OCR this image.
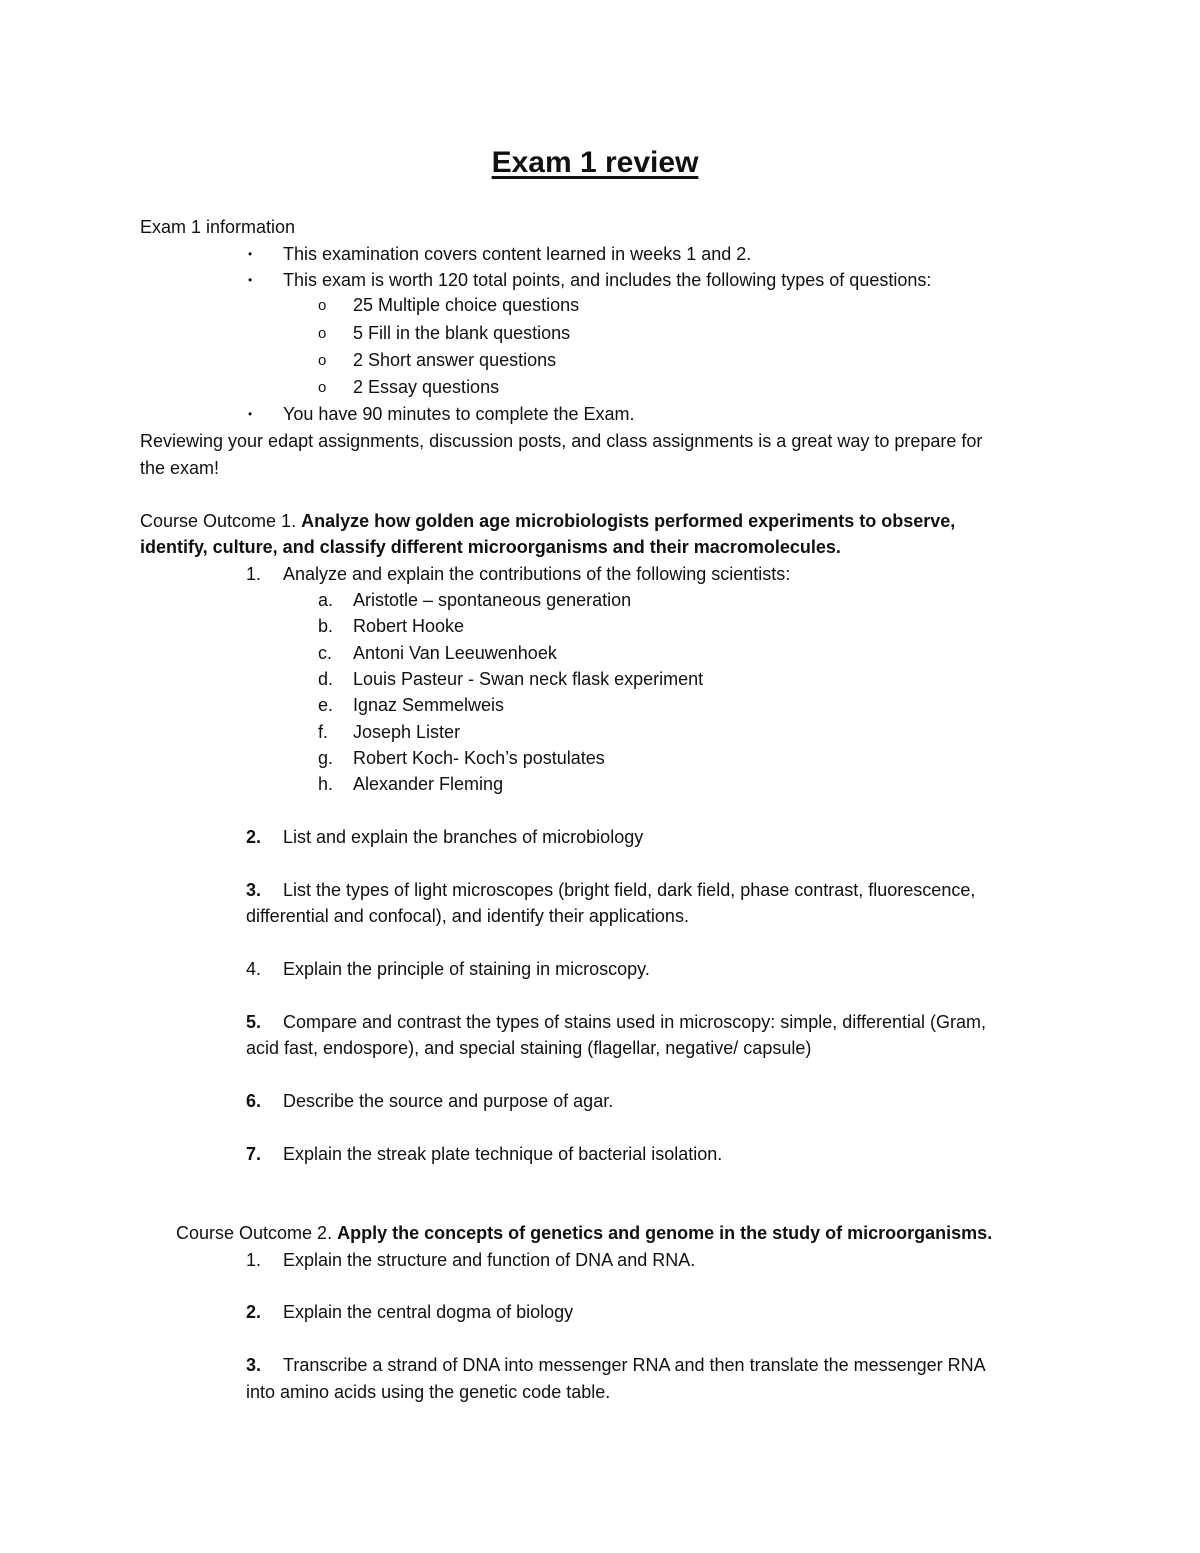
Exam 1 review
Exam 1 information
• This examination covers content learned in weeks 1 and 2.
• This exam is worth 120 total points, and includes the following types of questions:
o 25 Multiple choice questions
o 5 Fill in the blank questions
o 2 Short answer questions
o 2 Essay questions
• You have 90 minutes to complete the Exam.
Reviewing your edapt assignments, discussion posts, and class assignments is a great way to prepare for
the exam!
Course Outcome 1. Analyze how golden age microbiologists performed experiments to observe,
identify, culture, and classify different microorganisms and their macromolecules.
1. Analyze and explain the contributions of the following scientists:
a. Aristotle – spontaneous generation
b. Robert Hooke
c. Antoni Van Leeuwenhoek
d. Louis Pasteur - Swan neck flask experiment
e. Ignaz Semmelweis
f. Joseph Lister
g. Robert Koch- Koch’s postulates
h. Alexander Fleming
2. List and explain the branches of microbiology
3. List the types of light microscopes (bright field, dark field, phase contrast, fluorescence,
differential and confocal), and identify their applications.
4. Explain the principle of staining in microscopy.
5. Compare and contrast the types of stains used in microscopy: simple, differential (Gram,
acid fast, endospore), and special staining (flagellar, negative/ capsule)
6. Describe the source and purpose of agar.
7. Explain the streak plate technique of bacterial isolation.
Course Outcome 2. Apply the concepts of genetics and genome in the study of microorganisms.
1. Explain the structure and function of DNA and RNA.
2. Explain the central dogma of biology
3. Transcribe a strand of DNA into messenger RNA and then translate the messenger RNA
into amino acids using the genetic code table.
